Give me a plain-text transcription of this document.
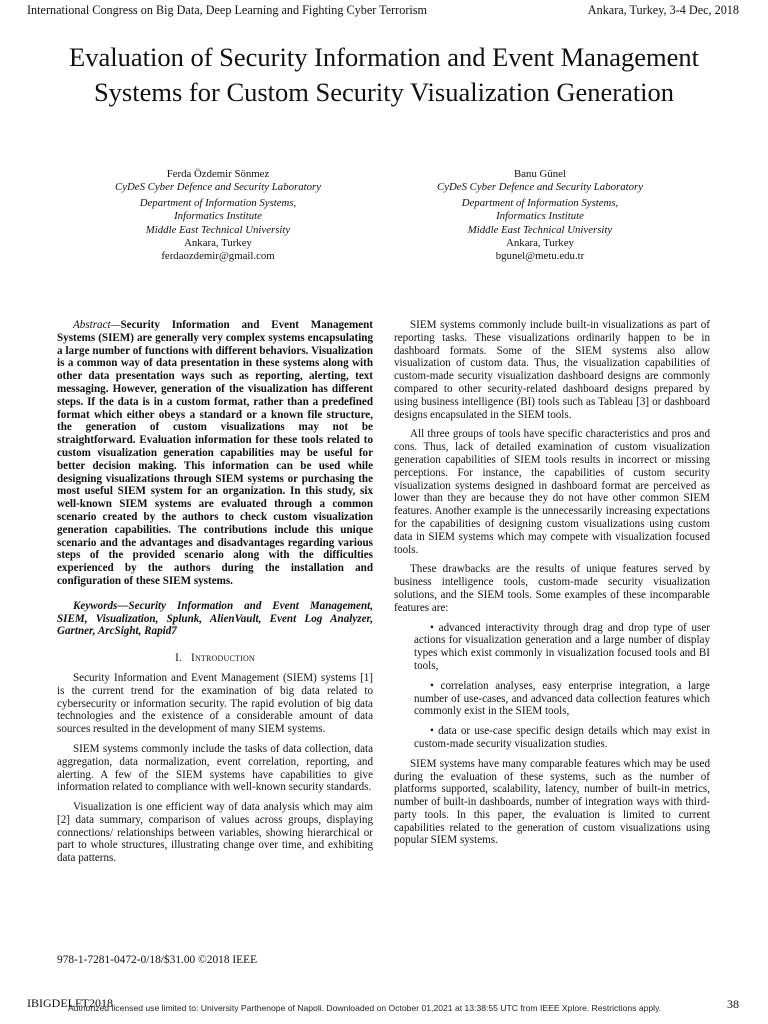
International Congress on Big Data, Deep Learning and Fighting Cyber Terrorism	Ankara, Turkey, 3-4 Dec, 2018
Evaluation of Security Information and Event Management Systems for Custom Security Visualization Generation
Ferda Özdemir Sönmez
CyDeS Cyber Defence and Security Laboratory
Department of Information Systems,
Informatics Institute
Middle East Technical University
Ankara, Turkey
ferdaozdemir@gmail.com
Banu Günel
CyDeS Cyber Defence and Security Laboratory
Department of Information Systems,
Informatics Institute
Middle East Technical University
Ankara, Turkey
bgunel@metu.edu.tr

Abstract—Security Information and Event Management Systems (SIEM) are generally very complex systems encapsulating a large number of functions with different behaviors. Visualization is a common way of data presentation in these systems along with other data presentation ways such as reporting, alerting, text messaging. However, generation of the visualization has different steps. If the data is in a custom format, rather than a predefined format which either obeys a standard or a known file structure, the generation of custom visualizations may not be straightforward. Evaluation information for these tools related to custom visualization generation capabilities may be useful for better decision making. This information can be used while designing visualizations through SIEM systems or purchasing the most useful SIEM system for an organization. In this study, six well-known SIEM systems are evaluated through a common scenario created by the authors to check custom visualization generation capabilities. The contributions include this unique scenario and the advantages and disadvantages regarding various steps of the provided scenario along with the difficulties experienced by the authors during the installation and configuration of these SIEM systems.

Keywords—Security Information and Event Management, SIEM, Visualization, Splunk, AlienVault, Event Log Analyzer, Gartner, ArcSight, Rapid7

I. Introduction

Security Information and Event Management (SIEM) systems [1] is the current trend for the examination of big data related to cybersecurity or information security. The rapid evolution of big data technologies and the existence of a considerable amount of data sources resulted in the development of many SIEM systems.

SIEM systems commonly include the tasks of data collection, data aggregation, data normalization, event correlation, reporting, and alerting. A few of the SIEM systems have capabilities to give information related to compliance with well-known security standards.

Visualization is one efficient way of data analysis which may aim [2] data summary, comparison of values across groups, displaying connections/ relationships between variables, showing hierarchical or part to whole structures, illustrating change over time, and exhibiting data patterns.

SIEM systems commonly include built-in visualizations as part of reporting tasks. These visualizations ordinarily happen to be in dashboard formats. Some of the SIEM systems also allow visualization of custom data. Thus, the visualization capabilities of custom-made security visualization dashboard designs are commonly compared to other security-related dashboard designs prepared by using business intelligence (BI) tools such as Tableau [3] or dashboard designs encapsulated in the SIEM tools.

All three groups of tools have specific characteristics and pros and cons. Thus, lack of detailed examination of custom visualization generation capabilities of SIEM tools results in incorrect or missing perceptions. For instance, the capabilities of custom security visualization systems designed in dashboard format are perceived as lower than they are because they do not have other common SIEM features. Another example is the unnecessarily increasing expectations for the capabilities of designing custom visualizations using custom data in SIEM systems which may compete with visualization focused tools.

These drawbacks are the results of unique features served by business intelligence tools, custom-made security visualization solutions, and the SIEM tools. Some examples of these incomparable features are:

• advanced interactivity through drag and drop type of user actions for visualization generation and a large number of display types which exist commonly in visualization focused tools and BI tools,

• correlation analyses, easy enterprise integration, a large number of use-cases, and advanced data collection features which commonly exist in the SIEM tools,

• data or use-case specific design details which may exist in custom-made security visualization studies.

SIEM systems have many comparable features which may be used during the evaluation of these systems, such as the number of platforms supported, scalability, latency, number of built-in metrics, number of built-in dashboards, number of integration ways with third-party tools. In this paper, the evaluation is limited to current capabilities related to the generation of custom visualizations using popular SIEM systems.

978-1-7281-0472-0/18/$31.00 ©2018 IEEE
IBIGDELFT2018
Authorized licensed use limited to: University Parthenope of Napoli. Downloaded on October 01,2021 at 13:38:55 UTC from IEEE Xplore. Restrictions apply.	38
